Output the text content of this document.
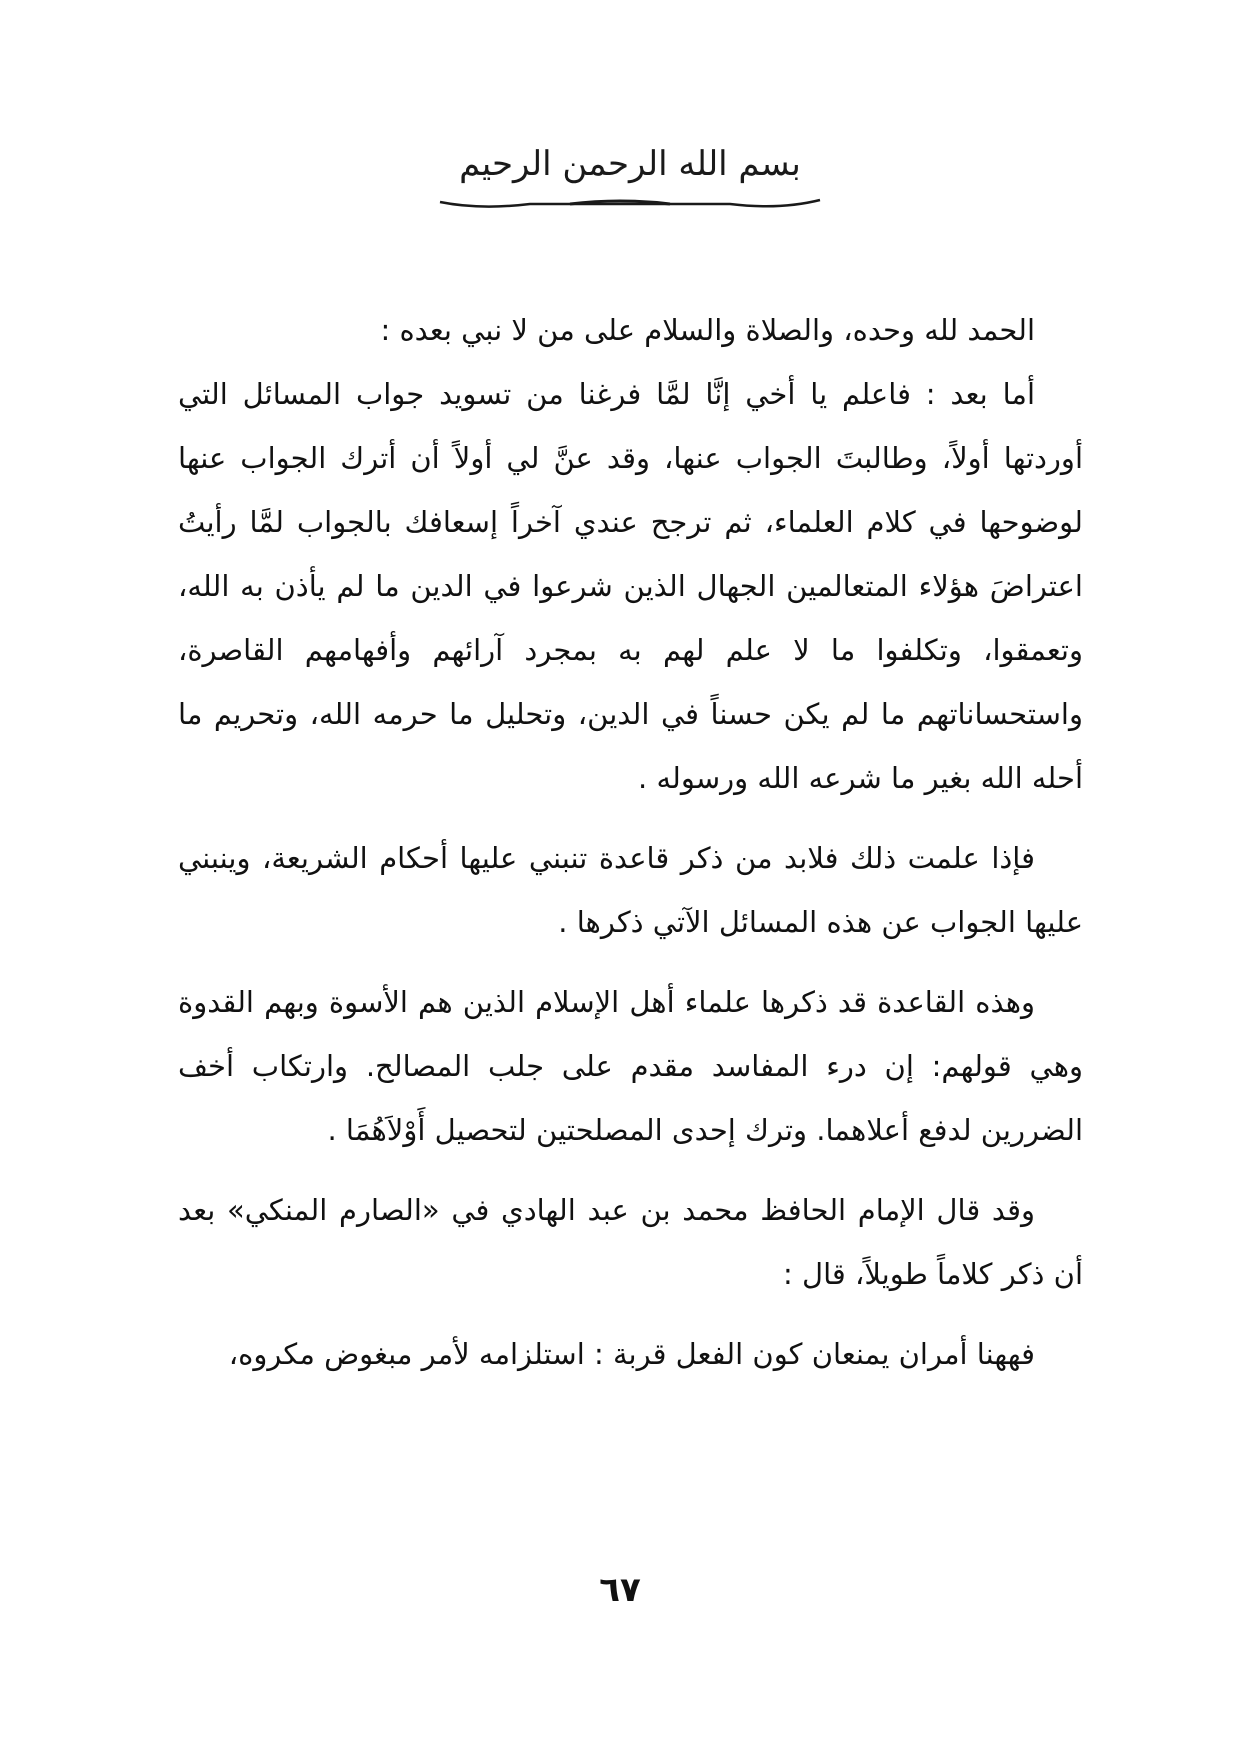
بسم الله الرحمن الرحيم

الحمد لله وحده، والصلاة والسلام على من لا نبي بعده :

أما بعد : فاعلم يا أخي إنَّا لمَّا فرغنا من تسويد جواب المسائل التي أوردتها أولاً، وطالبتَ الجواب عنها، وقد عنَّ لي أولاً أن أترك الجواب عنها لوضوحها في كلام العلماء، ثم ترجح عندي آخراً إسعافك بالجواب لمَّا رأيتُ اعتراضَ هؤلاء المتعالمين الجهال الذين شرعوا في الدين ما لم يأذن به الله، وتعمقوا، وتكلفوا ما لا علم لهم به بمجرد آرائهم وأفهامهم القاصرة، واستحساناتهم ما لم يكن حسناً في الدين، وتحليل ما حرمه الله، وتحريم ما أحله الله بغير ما شرعه الله ورسوله .

فإذا علمت ذلك فلابد من ذكر قاعدة تنبني عليها أحكام الشريعة، وينبني عليها الجواب عن هذه المسائل الآتي ذكرها .

وهذه القاعدة قد ذكرها علماء أهل الإسلام الذين هم الأسوة وبهم القدوة وهي قولهم: إن درء المفاسد مقدم على جلب المصالح. وارتكاب أخف الضررين لدفع أعلاهما. وترك إحدى المصلحتين لتحصيل أَوْلاَهُمَا .

وقد قال الإمام الحافظ محمد بن عبد الهادي في «الصارم المنكي» بعد أن ذكر كلاماً طويلاً، قال :

فههنا أمران يمنعان كون الفعل قربة : استلزامه لأمر مبغوض مكروه،

٦٧
